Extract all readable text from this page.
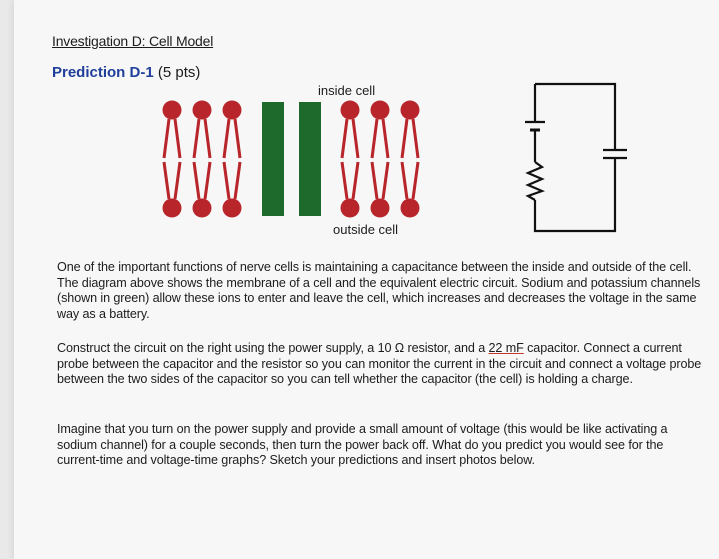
Investigation D: Cell Model
Prediction D-1 (5 pts)
inside cell
outside cell

One of the important functions of nerve cells is maintaining a capacitance between the inside and outside of the cell. The diagram above shows the membrane of a cell and the equivalent electric circuit. Sodium and potassium channels (shown in green) allow these ions to enter and leave the cell, which increases and decreases the voltage in the same way as a battery.

Construct the circuit on the right using the power supply, a 10 Ω resistor, and a 22 mF capacitor. Connect a current probe between the capacitor and the resistor so you can monitor the current in the circuit and connect a voltage probe between the two sides of the capacitor so you can tell whether the capacitor (the cell) is holding a charge.

Imagine that you turn on the power supply and provide a small amount of voltage (this would be like activating a sodium channel) for a couple seconds, then turn the power back off. What do you predict you would see for the current-time and voltage-time graphs? Sketch your predictions and insert photos below.
